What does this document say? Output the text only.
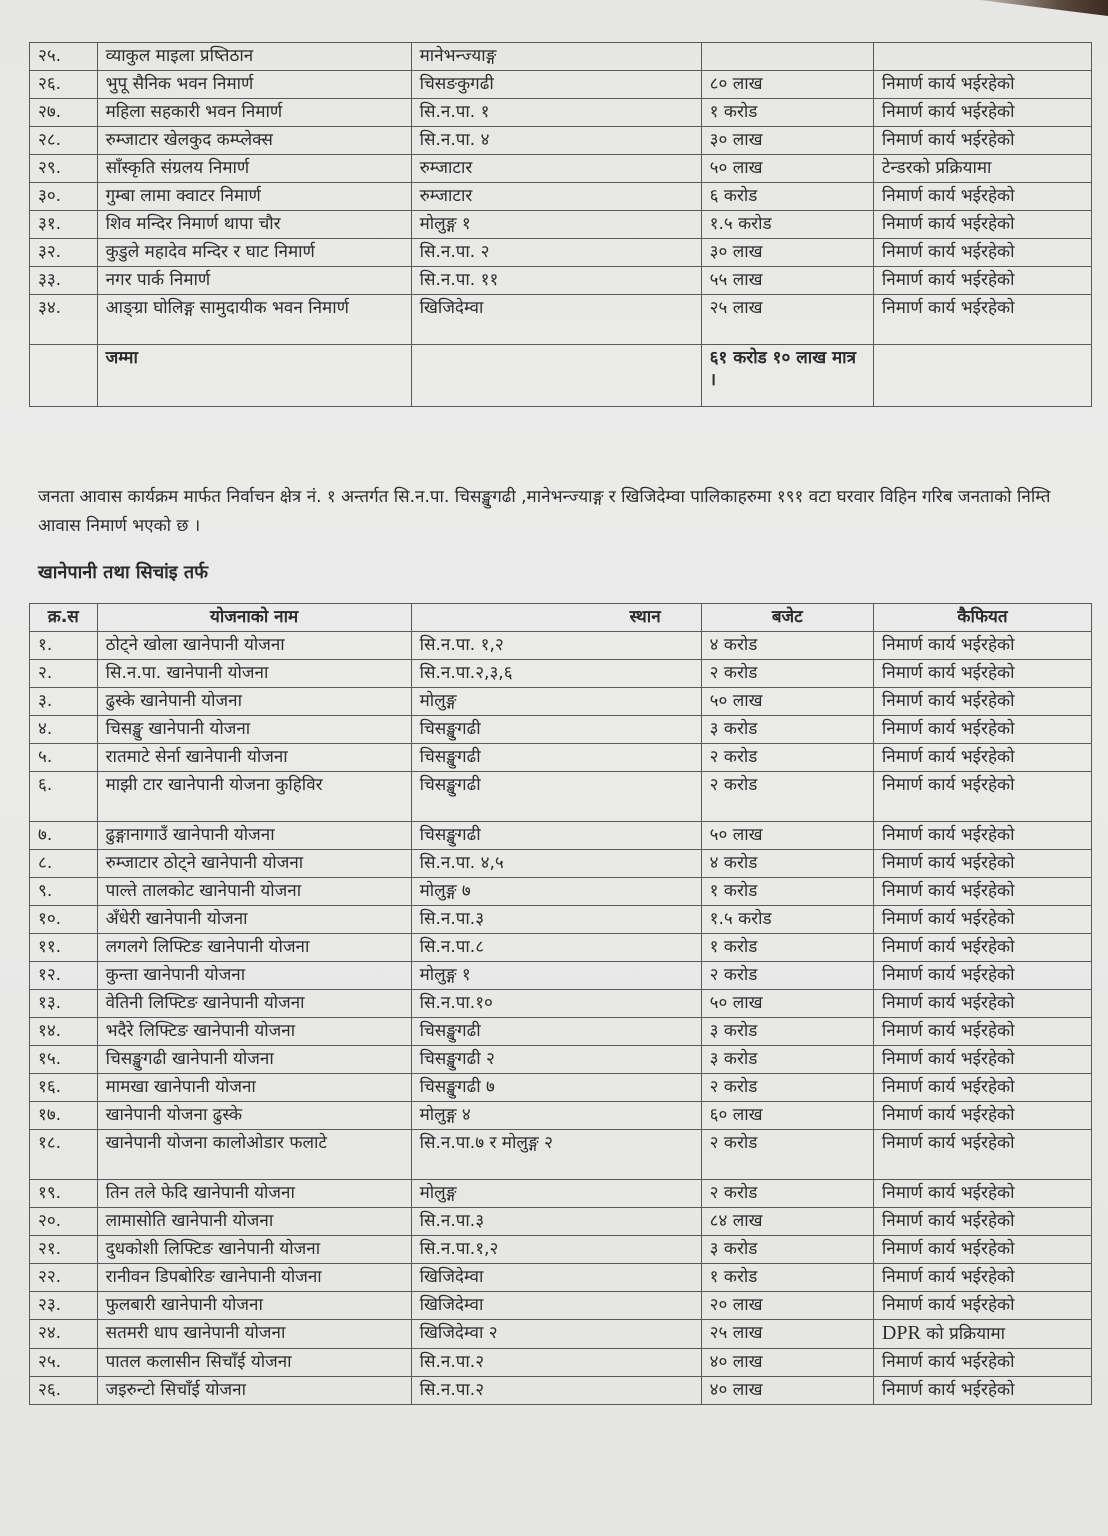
२५.	व्याकुल माइला प्रष्तिठान	मानेभन्ज्याङ्ग		
२६.	भुपू सैनिक भवन निमार्ण	चिसङकुगढी	८० लाख	निमार्ण कार्य भईरहेको
२७.	महिला सहकारी भवन निमार्ण	सि.न.पा. १	१ करोड	निमार्ण कार्य भईरहेको
२८.	रुम्जाटार खेलकुद कम्प्लेक्स	सि.न.पा. ४	३० लाख	निमार्ण कार्य भईरहेको
२९.	साँस्कृति संग्रलय निमार्ण	रुम्जाटार	५० लाख	टेन्डरको प्रक्रियामा
३०.	गुम्बा लामा क्वाटर निमार्ण	रुम्जाटार	६ करोड	निमार्ण कार्य भईरहेको
३१.	शिव मन्दिर निमार्ण थापा चौर	मोलुङ्ग १	१.५ करोड	निमार्ण कार्य भईरहेको
३२.	कुडुले महादेव मन्दिर र घाट निमार्ण	सि.न.पा. २	३० लाख	निमार्ण कार्य भईरहेको
३३.	नगर पार्क निमार्ण	सि.न.पा. ११	५५ लाख	निमार्ण कार्य भईरहेको
३४.	आङ्ग्रा घोलिङ्ग सामुदायीक भवन निमार्ण	खिजिदेम्वा	२५ लाख	निमार्ण कार्य भईरहेको
	जम्मा		६१ करोड १० लाख मात्र ।	
जनता आवास कार्यक्रम मार्फत निर्वाचन क्षेत्र नं. १ अन्तर्गत सि.न.पा. चिसङ्खुगढी ,मानेभन्ज्याङ्ग र खिजिदेम्वा पालिकाहरुमा १९१ वटा घरवार विहिन गरिब जनताको निम्ति आवास निमार्ण भएको छ ।
खानेपानी तथा सिचांइ तर्फ
क्र.स	योजनाको नाम	स्थान	बजेट	कैफियत
१.	ठोट्ने खोला खानेपानी योजना	सि.न.पा. १,२	४ करोड	निमार्ण कार्य भईरहेको
२.	सि.न.पा. खानेपानी योजना	सि.न.पा.२,३,६	२ करोड	निमार्ण कार्य भईरहेको
३.	ढुस्के खानेपानी योजना	मोलुङ्ग	५० लाख	निमार्ण कार्य भईरहेको
४.	चिसङ्खु खानेपानी योजना	चिसङ्खुगढी	३ करोड	निमार्ण कार्य भईरहेको
५.	रातमाटे सेर्ना खानेपानी योजना	चिसङ्खुगढी	२ करोड	निमार्ण कार्य भईरहेको
६.	माझी टार खानेपानी योजना कुहिविर	चिसङ्खुगढी	२ करोड	निमार्ण कार्य भईरहेको
७.	ढुङ्गानागाउँ खानेपानी योजना	चिसङ्खुगढी	५० लाख	निमार्ण कार्य भईरहेको
८.	रुम्जाटार ठोट्ने खानेपानी योजना	सि.न.पा. ४,५	४ करोड	निमार्ण कार्य भईरहेको
९.	पाल्ते तालकोट खानेपानी योजना	मोलुङ्ग ७	१ करोड	निमार्ण कार्य भईरहेको
१०.	अँधेरी खानेपानी योजना	सि.न.पा.३	१.५ करोड	निमार्ण कार्य भईरहेको
११.	लगलगे लिफ्टिङ खानेपानी योजना	सि.न.पा.८	१ करोड	निमार्ण कार्य भईरहेको
१२.	कुन्ता खानेपानी योजना	मोलुङ्ग १	२ करोड	निमार्ण कार्य भईरहेको
१३.	वेतिनी लिफ्टिङ खानेपानी योजना	सि.न.पा.१०	५० लाख	निमार्ण कार्य भईरहेको
१४.	भदैरे लिफ्टिङ खानेपानी योजना	चिसङ्खुगढी	३ करोड	निमार्ण कार्य भईरहेको
१५.	चिसङ्खुगढी खानेपानी योजना	चिसङ्खुगढी २	३ करोड	निमार्ण कार्य भईरहेको
१६.	मामखा खानेपानी योजना	चिसङ्खुगढी ७	२ करोड	निमार्ण कार्य भईरहेको
१७.	खानेपानी योजना ढुस्के	मोलुङ्ग ४	६० लाख	निमार्ण कार्य भईरहेको
१८.	खानेपानी योजना कालोओडार फलाटे	सि.न.पा.७ र मोलुङ्ग २	२ करोड	निमार्ण कार्य भईरहेको
१९.	तिन तले फेदि खानेपानी योजना	मोलुङ्ग	२ करोड	निमार्ण कार्य भईरहेको
२०.	लामासोति खानेपानी योजना	सि.न.पा.३	८४ लाख	निमार्ण कार्य भईरहेको
२१.	दुधकोशी लिफ्टिङ खानेपानी योजना	सि.न.पा.१,२	३ करोड	निमार्ण कार्य भईरहेको
२२.	रानीवन डिपबोरिङ खानेपानी योजना	खिजिदेम्वा	१ करोड	निमार्ण कार्य भईरहेको
२३.	फुलबारी खानेपानी योजना	खिजिदेम्वा	२० लाख	निमार्ण कार्य भईरहेको
२४.	सतमरी धाप खानेपानी योजना	खिजिदेम्वा २	२५ लाख	DPR को प्रक्रियामा
२५.	पातल कलासीन सिचाँई योजना	सि.न.पा.२	४० लाख	निमार्ण कार्य भईरहेको
२६.	जइरुन्टो सिचाँई योजना	सि.न.पा.२	४० लाख	निमार्ण कार्य भईरहेको
